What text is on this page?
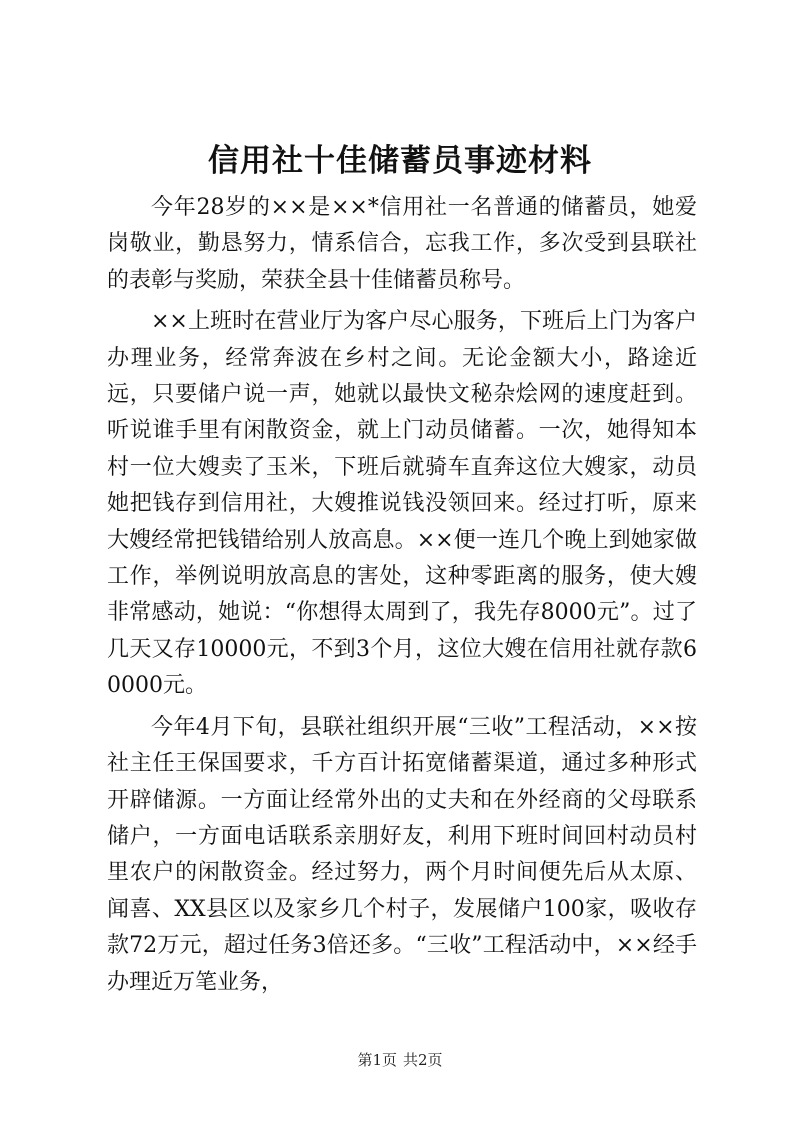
信用社十佳储蓄员事迹材料

今年28岁的××是××*信用社一名普通的储蓄员，她爱岗敬业，勤恳努力，情系信合，忘我工作，多次受到县联社的表彰与奖励，荣获全县十佳储蓄员称号。

××上班时在营业厅为客户尽心服务，下班后上门为客户办理业务，经常奔波在乡村之间。无论金额大小，路途近远，只要储户说一声，她就以最快文秘杂烩网的速度赶到。听说谁手里有闲散资金，就上门动员储蓄。一次，她得知本村一位大嫂卖了玉米，下班后就骑车直奔这位大嫂家，动员她把钱存到信用社，大嫂推说钱没领回来。经过打听，原来大嫂经常把钱错给别人放高息。××便一连几个晚上到她家做工作，举例说明放高息的害处，这种零距离的服务，使大嫂非常感动，她说：“你想得太周到了，我先存8000元”。过了几天又存10000元，不到3个月，这位大嫂在信用社就存款60000元。

今年4月下旬，县联社组织开展“三收”工程活动，××按社主任王保国要求，千方百计拓宽储蓄渠道，通过多种形式开辟储源。一方面让经常外出的丈夫和在外经商的父母联系储户，一方面电话联系亲朋好友，利用下班时间回村动员村里农户的闲散资金。经过努力，两个月时间便先后从太原、闻喜、XX县区以及家乡几个村子，发展储户100家，吸收存款72万元，超过任务3倍还多。“三收”工程活动中，××经手办理近万笔业务，

第1页 共2页
